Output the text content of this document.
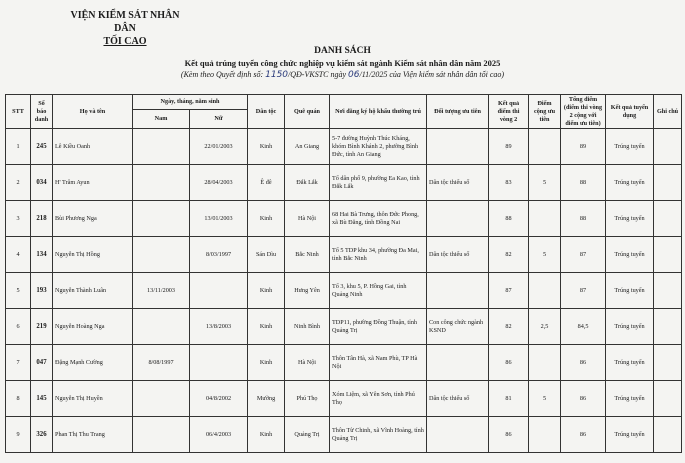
VIỆN KIỂM SÁT NHÂN DÂN
TỐI CAO
DANH SÁCH
Kết quả trúng tuyển công chức nghiệp vụ kiểm sát ngành Kiểm sát nhân dân năm 2025
(Kèm theo Quyết định số: 1150/QĐ-VKSTC ngày 06/11/2025 của Viện kiểm sát nhân dân tối cao)
STT	Số báo danh	Họ và tên	Ngày, tháng, năm sinh		Dân tộc	Quê quán	Nơi đăng ký hộ khẩu thường trú	Đối tượng ưu tiên	Kết quả điểm thi vòng 2	Điểm cộng ưu tiên	Tổng điểm (điểm thi vòng 2 cộng với điểm ưu tiên)	Kết quả tuyển dụng	Ghi chú
			Nam	Nữ									
1	245	Lê Kiều Oanh		22/01/2003	Kinh	An Giang	5-7 đường Huỳnh Thúc Kháng, khóm Bình Khánh 2, phường Bình Đức, tỉnh An Giang		89		89	Trúng tuyển	
2	034	H' Trâm Ayun		28/04/2003	Ê đê	Đắk Lắk	Tổ dân phố 9, phường Ea Kao, tỉnh Đắk Lắk	Dân tộc thiểu số	83	5	88	Trúng tuyển	
3	218	Bùi Phương Nga		13/01/2003	Kinh	Hà Nội	68 Hai Bà Trưng, thôn Đức Phong, xã Bù Đăng, tỉnh Đồng Nai		88		88	Trúng tuyển	
4	134	Nguyễn Thị Hồng		8/03/1997	Sán Dìu	Bắc Ninh	Tổ 5 TDP khu 34, phường Đa Mai, tỉnh Bắc Ninh	Dân tộc thiểu số	82	5	87	Trúng tuyển	
5	193	Nguyễn Thành Luân	13/11/2003		Kinh	Hưng Yên	Tổ 3, khu 5, P. Hồng Gai, tỉnh Quảng Ninh		87		87	Trúng tuyển	
6	219	Nguyễn Hoàng Nga		13/8/2003	Kinh	Ninh Bình	TDP11, phường Đồng Thuận, tỉnh Quảng Trị	Con công chức ngành KSND	82	2,5	84,5	Trúng tuyển	
7	047	Đặng Mạnh Cường	8/08/1997		Kinh	Hà Nội	Thôn Tân Hà, xã Nam Phù, TP Hà Nội		86		86	Trúng tuyển	
8	145	Nguyễn Thị Huyền		04/8/2002	Mường	Phú Thọ	Xóm Liệm, xã Yên Sơn, tỉnh Phú Thọ	Dân tộc thiểu số	81	5	86	Trúng tuyển	
9	326	Phan Thị Thu Trang		06/4/2003	Kinh	Quảng Trị	Thôn Từ Chinh, xã Vĩnh Hoàng, tỉnh Quảng Trị		86		86	Trúng tuyển	
